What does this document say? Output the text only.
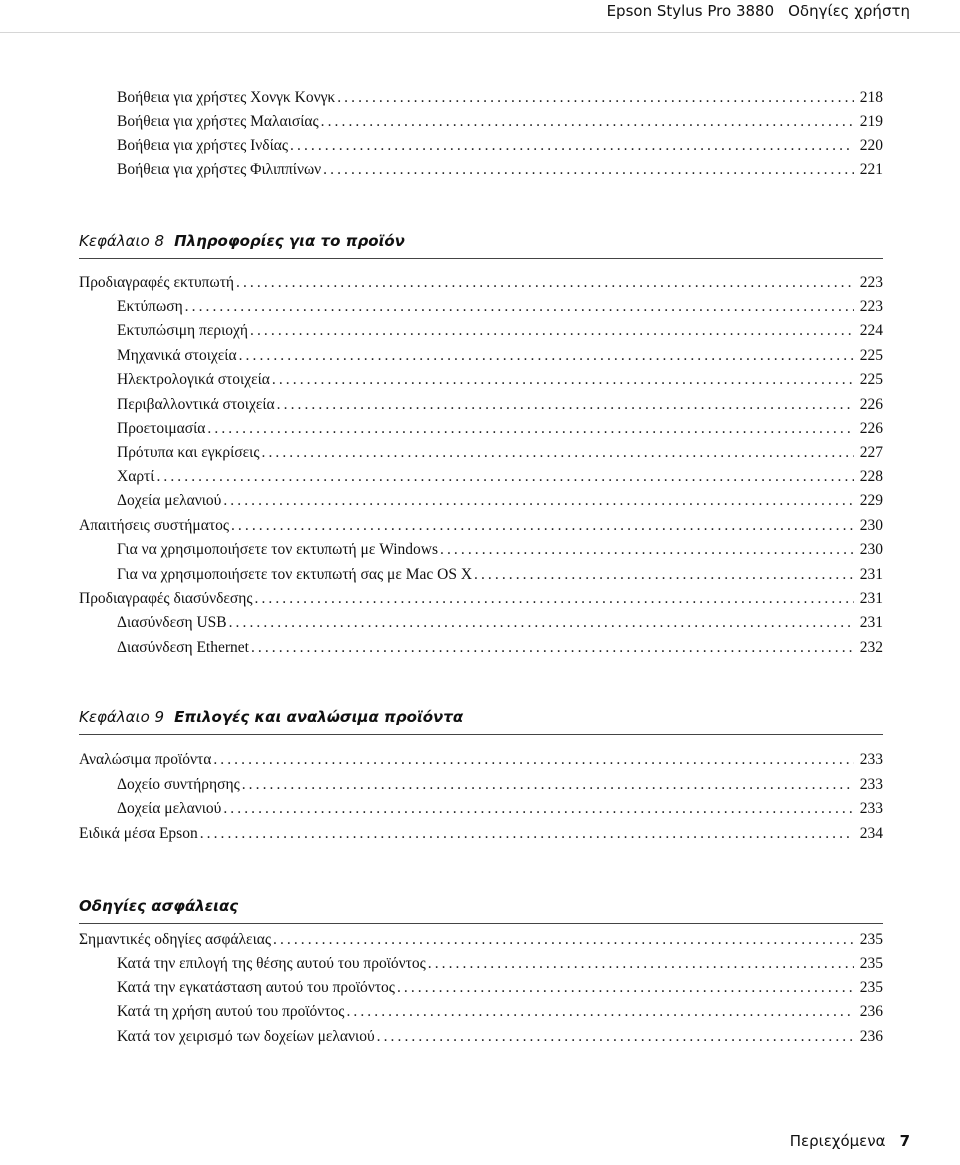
Epson Stylus Pro 3880 Οδηγίες χρήστη
Βοήθεια για χρήστες Χονγκ Κονγκ . . .	218
Βοήθεια για χρήστες Μαλαισίας . . .	219
Βοήθεια για χρήστες Ινδίας . . .	220
Βοήθεια για χρήστες Φιλιππίνων . . .	221
Κεφάλαιο 8 Πληροφορίες για το προϊόν
Προδιαγραφές εκτυπωτή . . .	223
Εκτύπωση . . .	223
Εκτυπώσιμη περιοχή . . .	224
Μηχανικά στοιχεία . . .	225
Ηλεκτρολογικά στοιχεία . . .	225
Περιβαλλοντικά στοιχεία . . .	226
Προετοιμασία . . .	226
Πρότυπα και εγκρίσεις . . .	227
Χαρτί . . .	228
Δοχεία μελανιού . . .	229
Απαιτήσεις συστήματος . . .	230
Για να χρησιμοποιήσετε τον εκτυπωτή με Windows . . .	230
Για να χρησιμοποιήσετε τον εκτυπωτή σας με Mac OS X . . .	231
Προδιαγραφές διασύνδεσης . . .	231
Διασύνδεση USB . . .	231
Διασύνδεση Ethernet . . .	232
Κεφάλαιο 9 Επιλογές και αναλώσιμα προϊόντα
Αναλώσιμα προϊόντα . . .	233
Δοχείο συντήρησης . . .	233
Δοχεία μελανιού . . .	233
Ειδικά μέσα Epson . . .	234
Οδηγίες ασφάλειας
Σημαντικές οδηγίες ασφάλειας . . .	235
Κατά την επιλογή της θέσης αυτού του προϊόντος . . .	235
Κατά την εγκατάσταση αυτού του προϊόντος . . .	235
Κατά τη χρήση αυτού του προϊόντος . . .	236
Κατά τον χειρισμό των δοχείων μελανιού . . .	236
Περιεχόμενα 7
